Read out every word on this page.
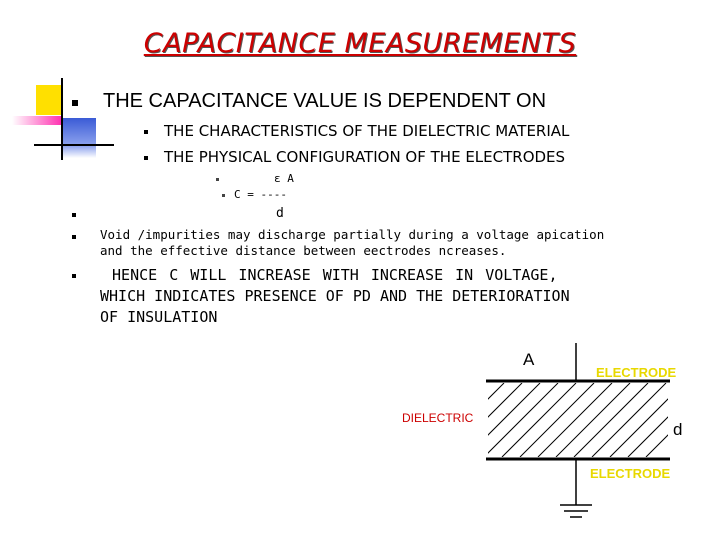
CAPACITANCE MEASUREMENTS
THE CAPACITANCE VALUE IS DEPENDENT ON
THE CHARACTERISTICS OF THE DIELECTRIC MATERIAL
THE PHYSICAL CONFIGURATION OF THE ELECTRODES
ε A
C = ----
d
Void /impurities may discharge partially during a voltage apication
and the effective distance between eectrodes ncreases.
HENCE C WILL INCREASE WITH INCREASE IN VOLTAGE,
WHICH INDICATES PRESENCE OF PD AND THE DETERIORATION
OF INSULATION
A
ELECTRODE
DIELECTRIC
d
ELECTRODE
